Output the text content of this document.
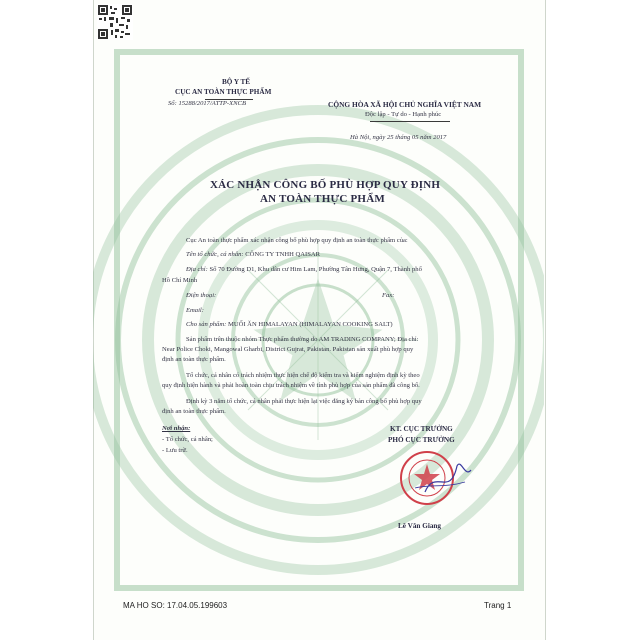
BỘ Y TẾ
CỤC AN TOÀN THỰC PHẨM
Số: 15288/2017/ATTP-XNCB	CỘNG HÒA XÃ HỘI CHỦ NGHĨA VIỆT NAM
Độc lập - Tự do - Hạnh phúc
Hà Nội, ngày 25 tháng 05 năm 2017
XÁC NHẬN CÔNG BỐ PHÙ HỢP QUY ĐỊNH
AN TOÀN THỰC PHẨM
Cục An toàn thực phẩm xác nhận công bố phù hợp quy định an toàn thực phẩm của:
Tên tổ chức, cá nhân: CÔNG TY TNHH QAISAR
Địa chỉ: Số 70 Đường D1, Khu dân cư Him Lam, Phường Tân Hưng, Quận 7, Thành phố
Hồ Chí Minh
Điện thoại:	Fax:
Email:
Cho sản phẩm: MUỐI ĂN HIMALAYAN (HIMALAYAN COOKING SALT)
Sản phẩm trên thuộc nhóm Thực phẩm thường do AM TRADING COMPANY; Địa chỉ:
Near Police Choki, Mangowal Gharbi, District Gujrat, Pakistan. Pakistan sản xuất phù hợp quy
định an toàn thực phẩm.
Tổ chức, cá nhân có trách nhiệm thực hiện chế độ kiểm tra và kiểm nghiệm định kỳ theo
quy định hiện hành và phải hoàn toàn chịu trách nhiệm về tính phù hợp của sản phẩm đã công bố.
Định kỳ 3 năm tổ chức, cá nhân phải thực hiện lại việc đăng ký bản công bố phù hợp quy
định an toàn thực phẩm.
Nơi nhận:
- Tổ chức, cá nhân;
- Lưu trữ.
KT. CỤC TRƯỞNG
PHÓ CỤC TRƯỞNG
Lê Văn Giang
MA HO SO: 17.04.05.199603	Trang 1
